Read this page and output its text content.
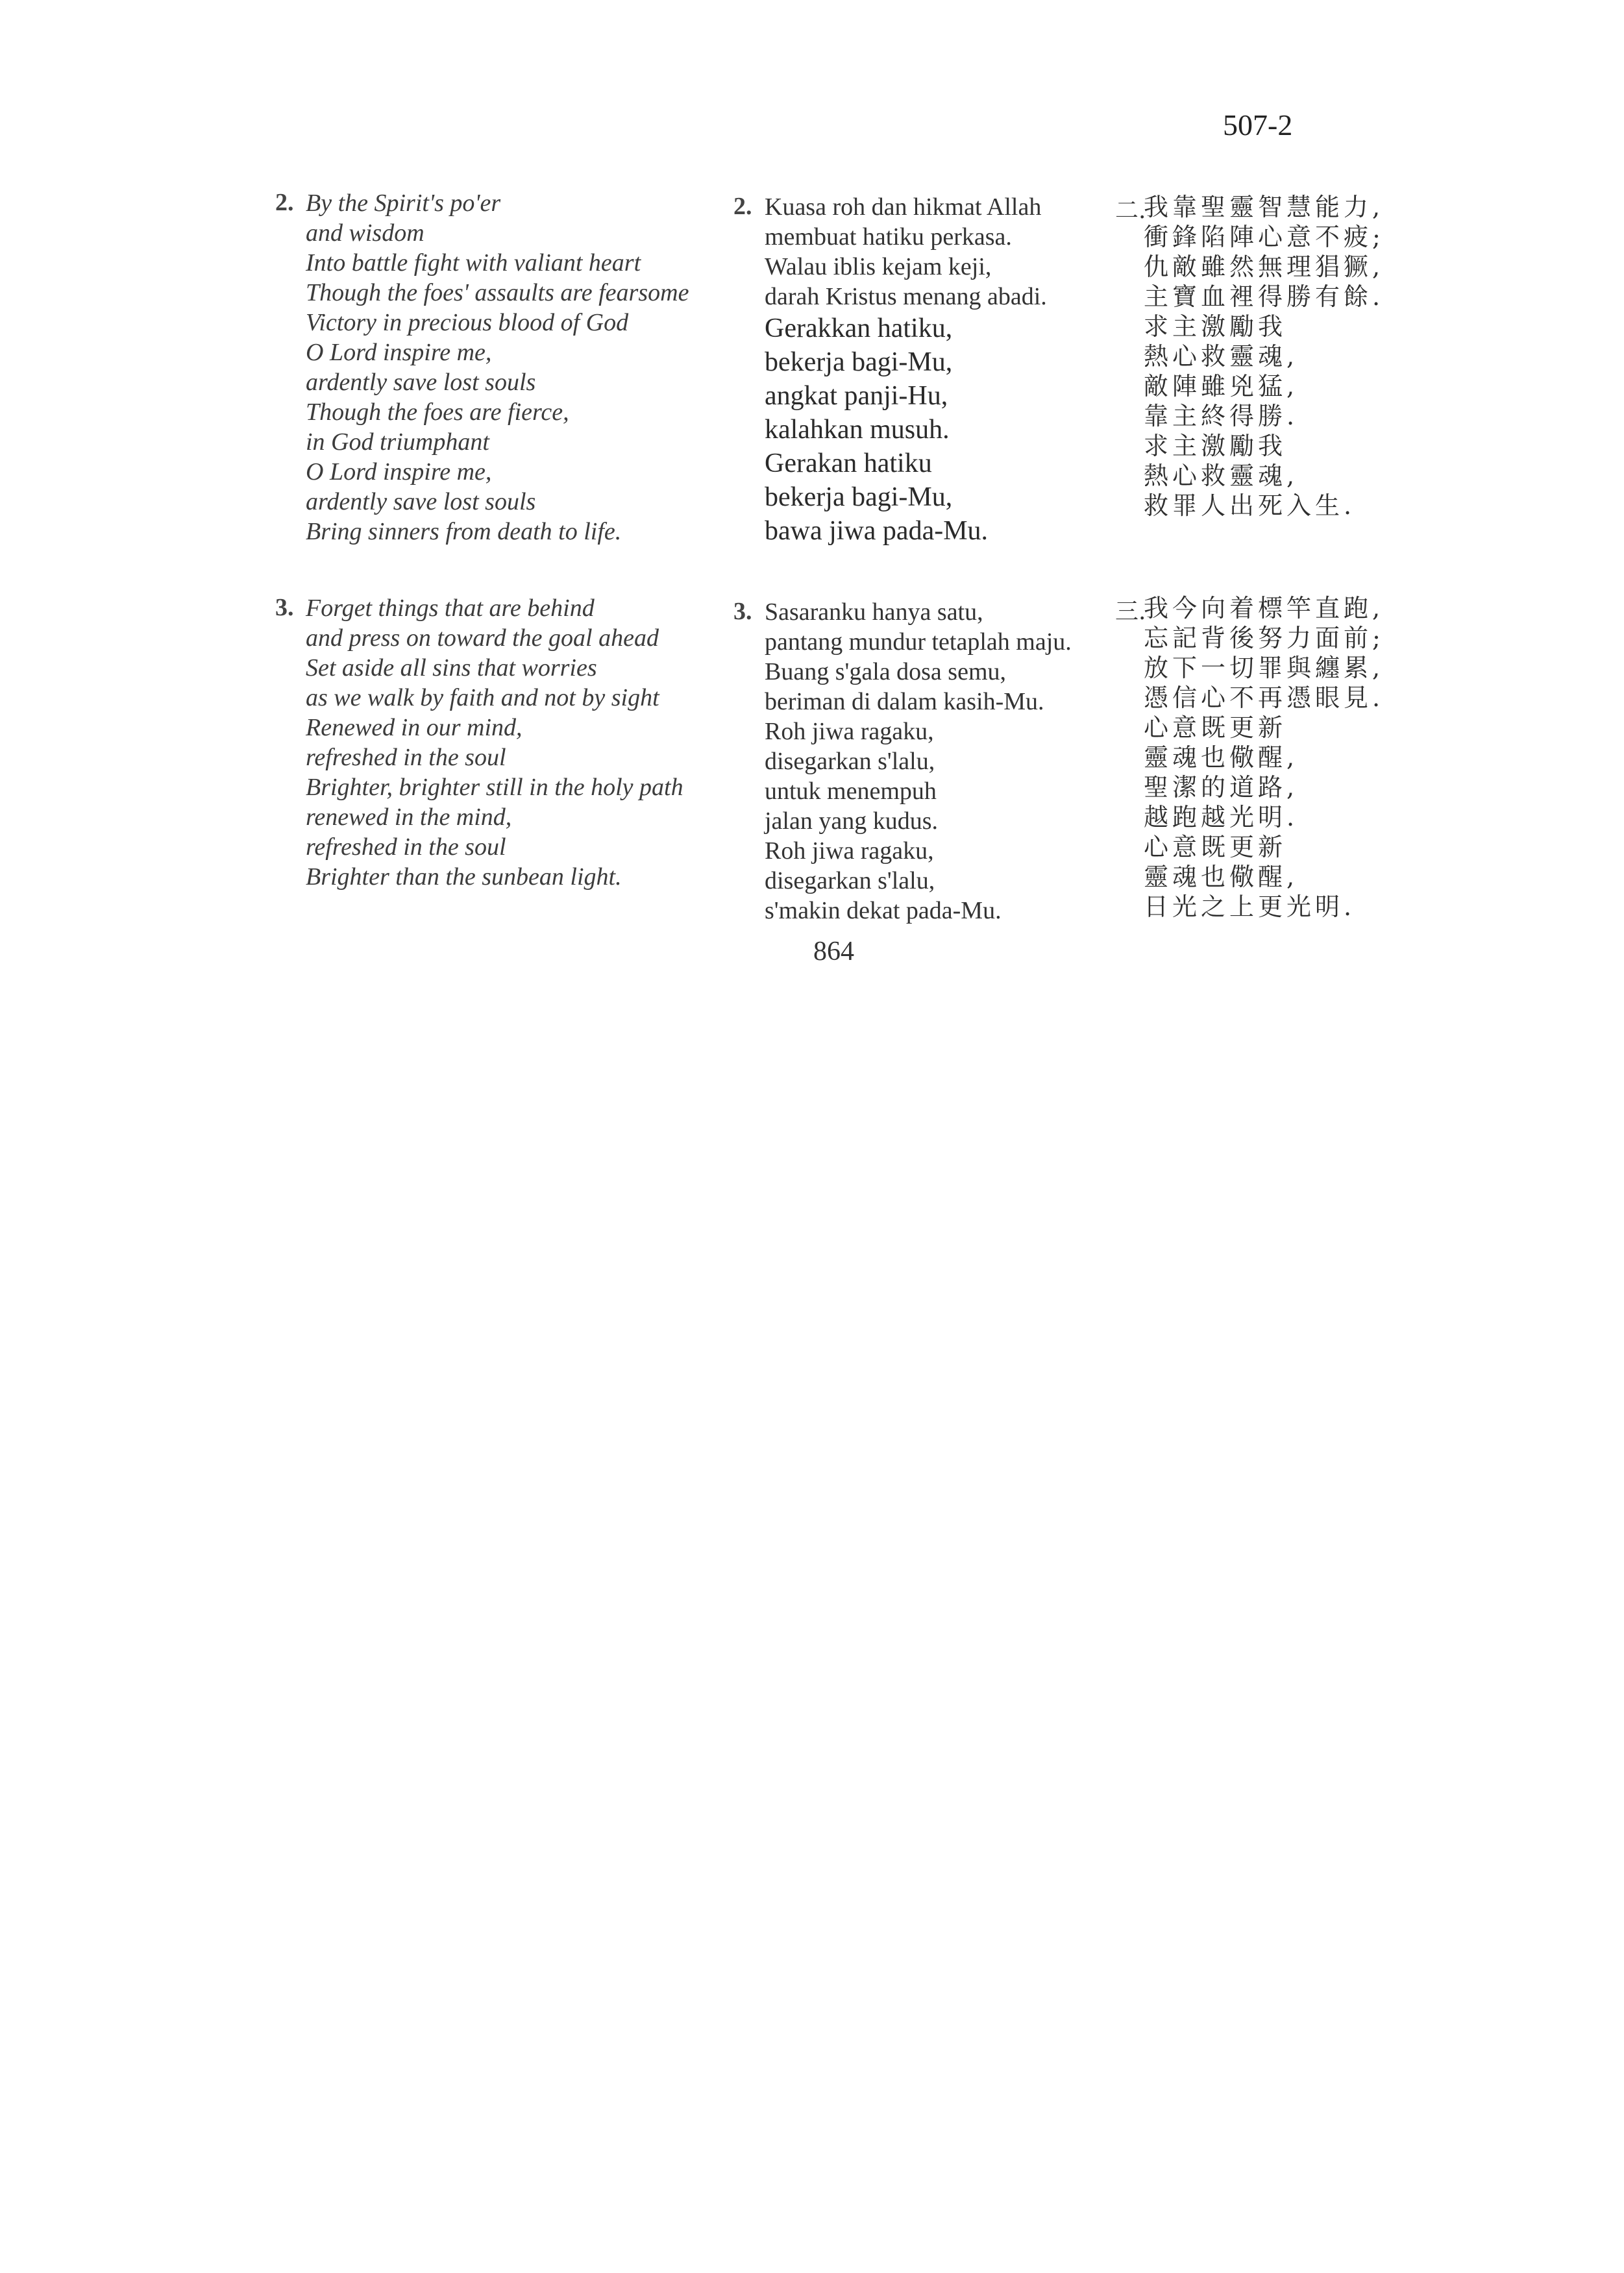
507-2
2. By the Spirit's po'er
and wisdom
Into battle fight with valiant heart
Though the foes' assaults are fearsome
Victory in precious blood of God
O Lord inspire me,
ardently save lost souls
Though the foes are fierce,
in God triumphant
O Lord inspire me,
ardently save lost souls
Bring sinners from death to life.
2. Kuasa roh dan hikmat Allah
membuat hatiku perkasa.
Walau iblis kejam keji,
darah Kristus menang abadi.
Gerakkan hatiku,
bekerja bagi-Mu,
angkat panji-Hu,
kalahkan musuh.
Gerakan hatiku
bekerja bagi-Mu,
bawa jiwa pada-Mu.
二.
我靠聖靈智慧能力,
衝鋒陷陣心意不疲;
仇敵雖然無理猖獗,
主寶血裡得勝有餘.
求主激勵我
熱心救靈魂,
敵陣雖兇猛,
靠主終得勝.
求主激勵我
熱心救靈魂,
救罪人出死入生.
3. Forget things that are behind
and press on toward the goal ahead
Set aside all sins that worries
as we walk by faith and not by sight
Renewed in our mind,
refreshed in the soul
Brighter, brighter still in the holy path
renewed in the mind,
refreshed in the soul
Brighter than the sunbean light.
3. Sasaranku hanya satu,
pantang mundur tetaplah maju.
Buang s'gala dosa semu,
beriman di dalam kasih-Mu.
Roh jiwa ragaku,
disegarkan s'lalu,
untuk menempuh
jalan yang kudus.
Roh jiwa ragaku,
disegarkan s'lalu,
s'makin dekat pada-Mu.
三.
我今向着標竿直跑,
忘記背後努力面前;
放下一切罪與纏累,
憑信心不再憑眼見.
心意既更新
靈魂也儆醒,
聖潔的道路,
越跑越光明.
心意既更新
靈魂也儆醒,
日光之上更光明.
864
